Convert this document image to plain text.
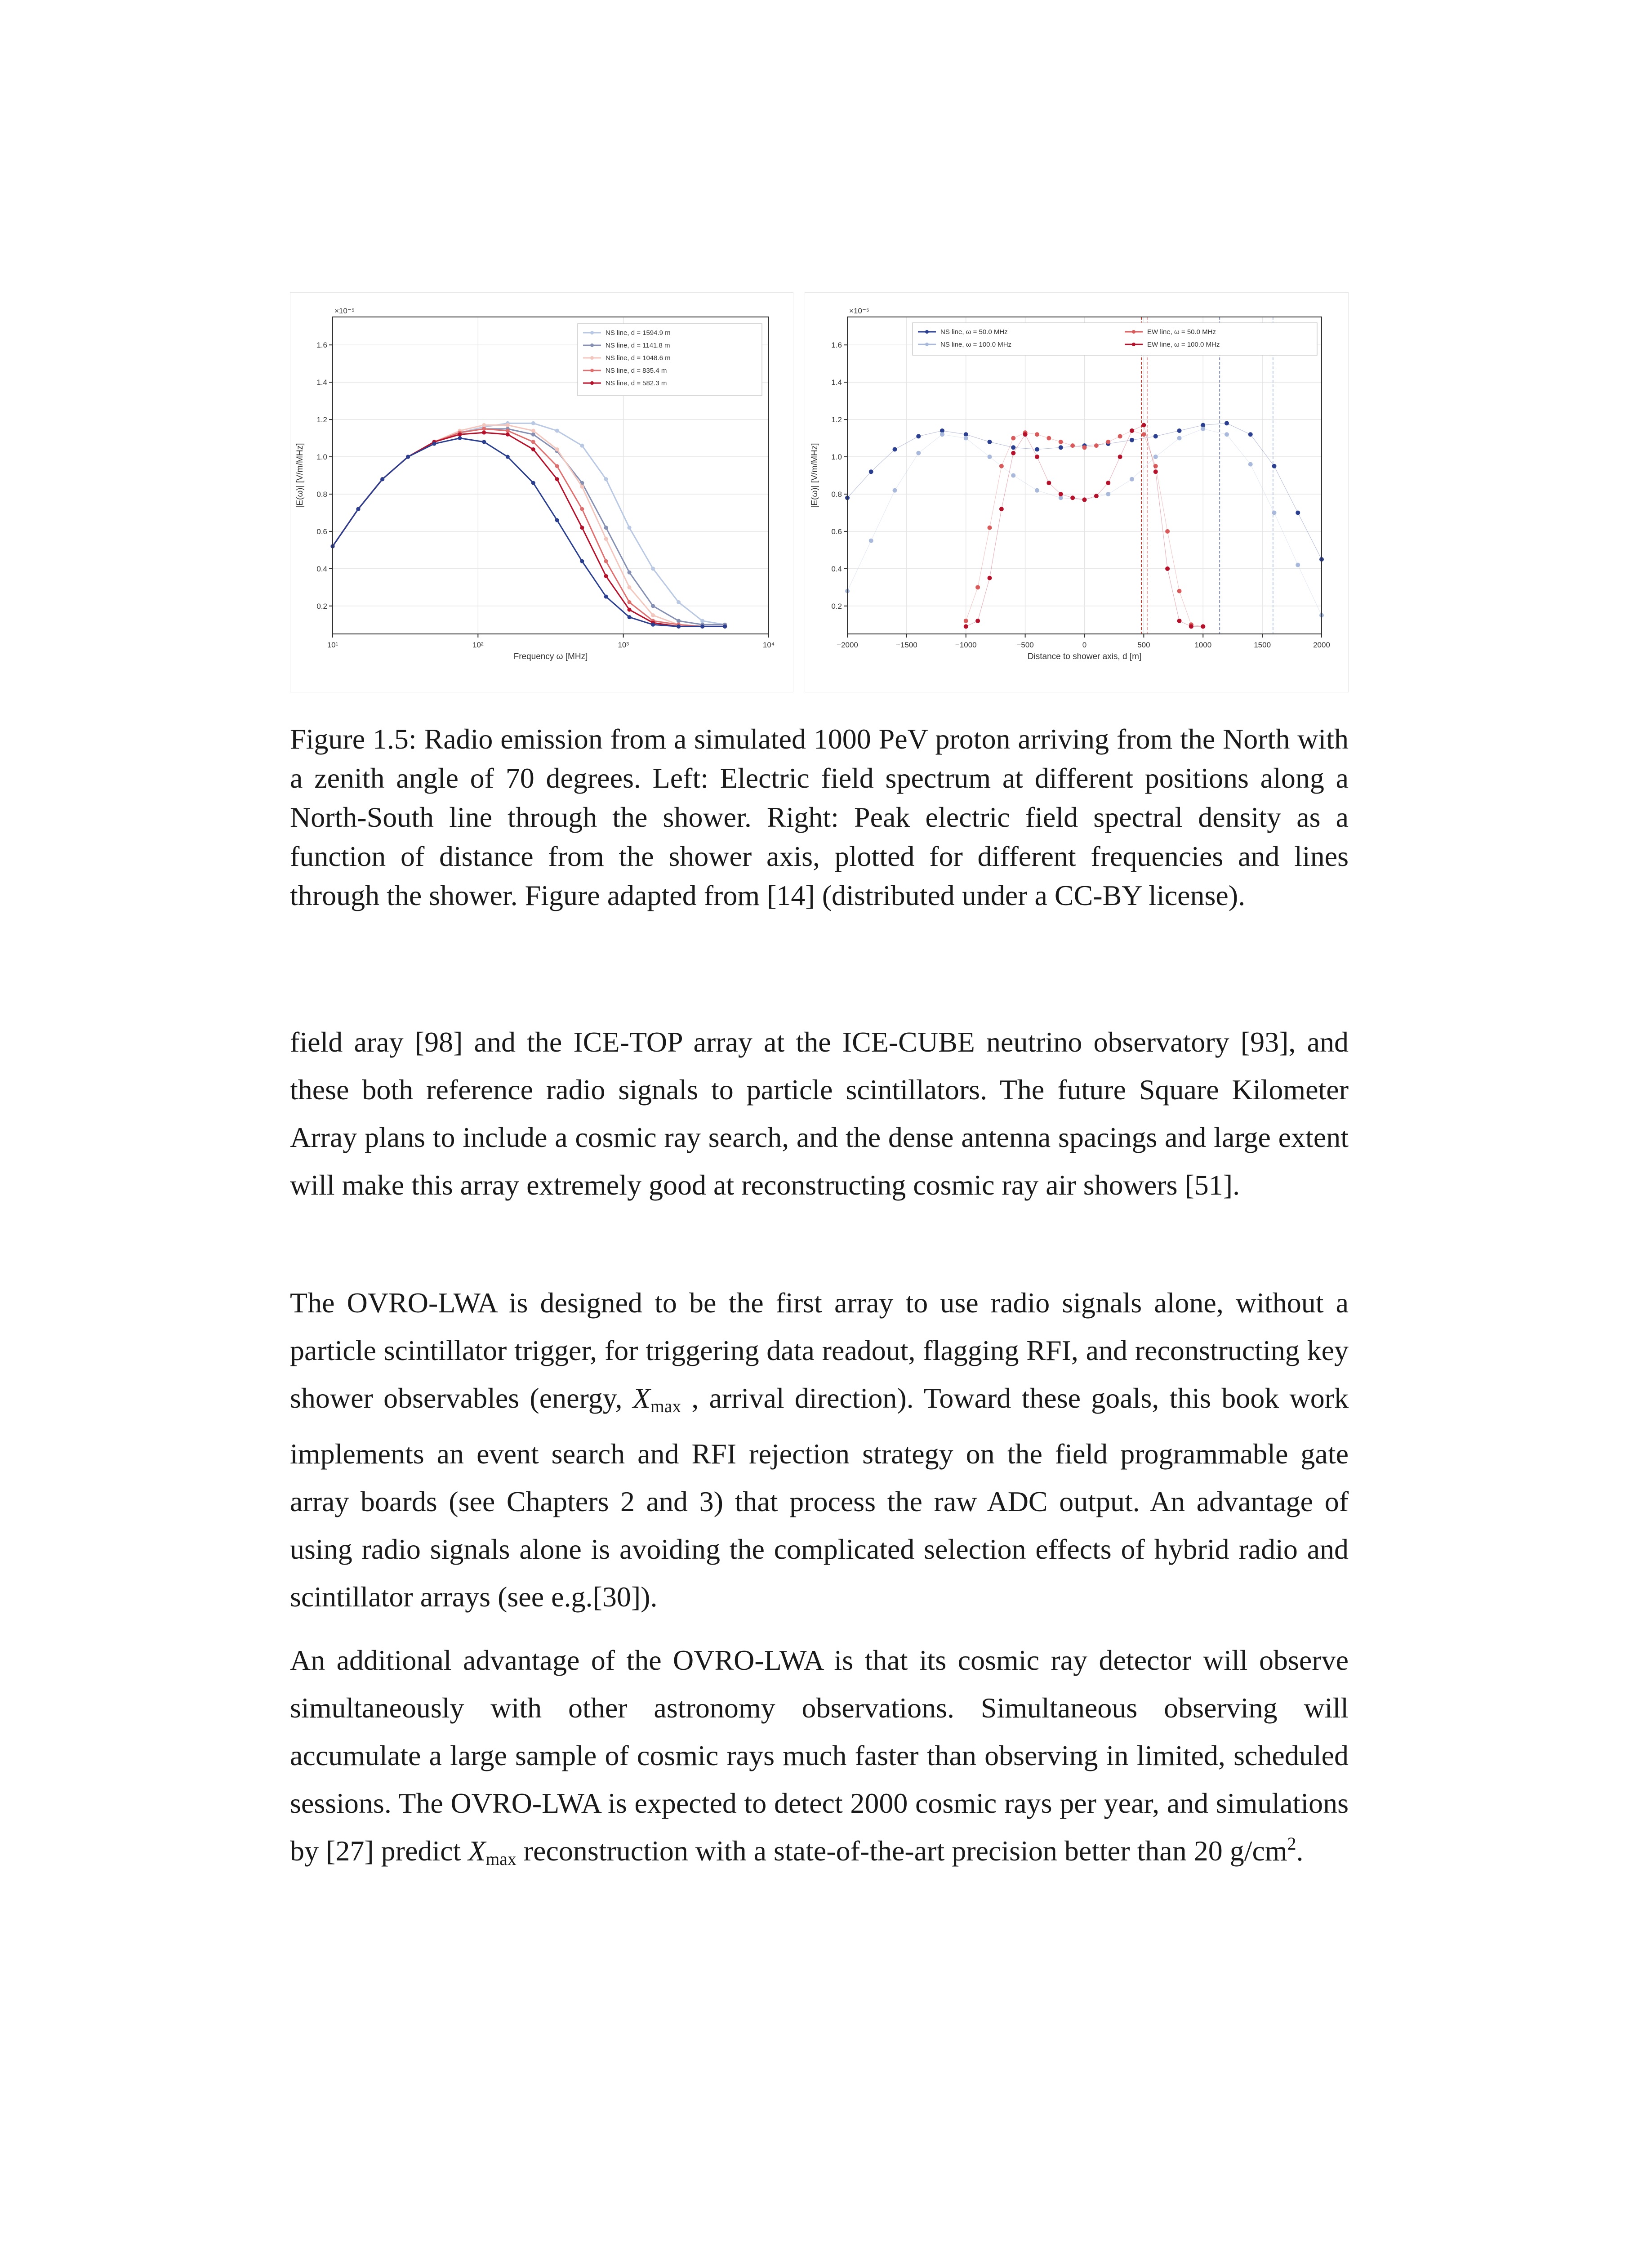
10¹	10²	10³	10⁴
0.2
0.4
0.6
0.8
1.0
1.2
1.4
1.6
×10⁻⁵
Frequency ω [MHz]
|E(ω)| [V/m/MHz]
NS line, d = 1594.9 m
NS line, d = 1141.8 m
NS line, d = 1048.6 m
NS line, d = 835.4 m
NS line, d = 582.3 m
−2000	−1500	−1000	−500	0	500	1000	1500	2000
0.2
0.4
0.6
0.8
1.0
1.2
1.4
1.6
×10⁻⁵
Distance to shower axis, d [m]
|E(ω)| [V/m/MHz]
NS line, ω = 50.0 MHz
NS line, ω = 100.0 MHz
EW line, ω = 50.0 MHz
EW line, ω = 100.0 MHz
Figure 1.5: Radio emission from a simulated 1000 PeV proton arriving from the North with a zenith angle of 70 degrees. Left: Electric field spectrum at different positions along a North-South line through the shower. Right: Peak electric field spectral density as a function of distance from the shower axis, plotted for different frequencies and lines through the shower. Figure adapted from [14] (distributed under a CC-BY license).

field aray [98] and the ICE-TOP array at the ICE-CUBE neutrino observatory [93], and these both reference radio signals to particle scintillators. The future Square Kilometer Array plans to include a cosmic ray search, and the dense antenna spacings and large extent will make this array extremely good at reconstructing cosmic ray air showers [51].

The OVRO-LWA is designed to be the first array to use radio signals alone, without a particle scintillator trigger, for triggering data readout, flagging RFI, and reconstructing key shower observables (energy, $X_{max}$ , arrival direction). Toward these goals, this book work implements an event search and RFI rejection strategy on the field programmable gate array boards (see Chapters 2 and 3) that process the raw ADC output. An advantage of using radio signals alone is avoiding the complicated selection effects of hybrid radio and scintillator arrays (see e.g.[30]).

An additional advantage of the OVRO-LWA is that its cosmic ray detector will observe simultaneously with other astronomy observations. Simultaneous observing will accumulate a large sample of cosmic rays much faster than observing in limited, scheduled sessions. The OVRO-LWA is expected to detect 2000 cosmic rays per year, and simulations by [27] predict $X_{max}$ reconstruction with a state-of-the-art precision better than 20 $g/cm^2$.
